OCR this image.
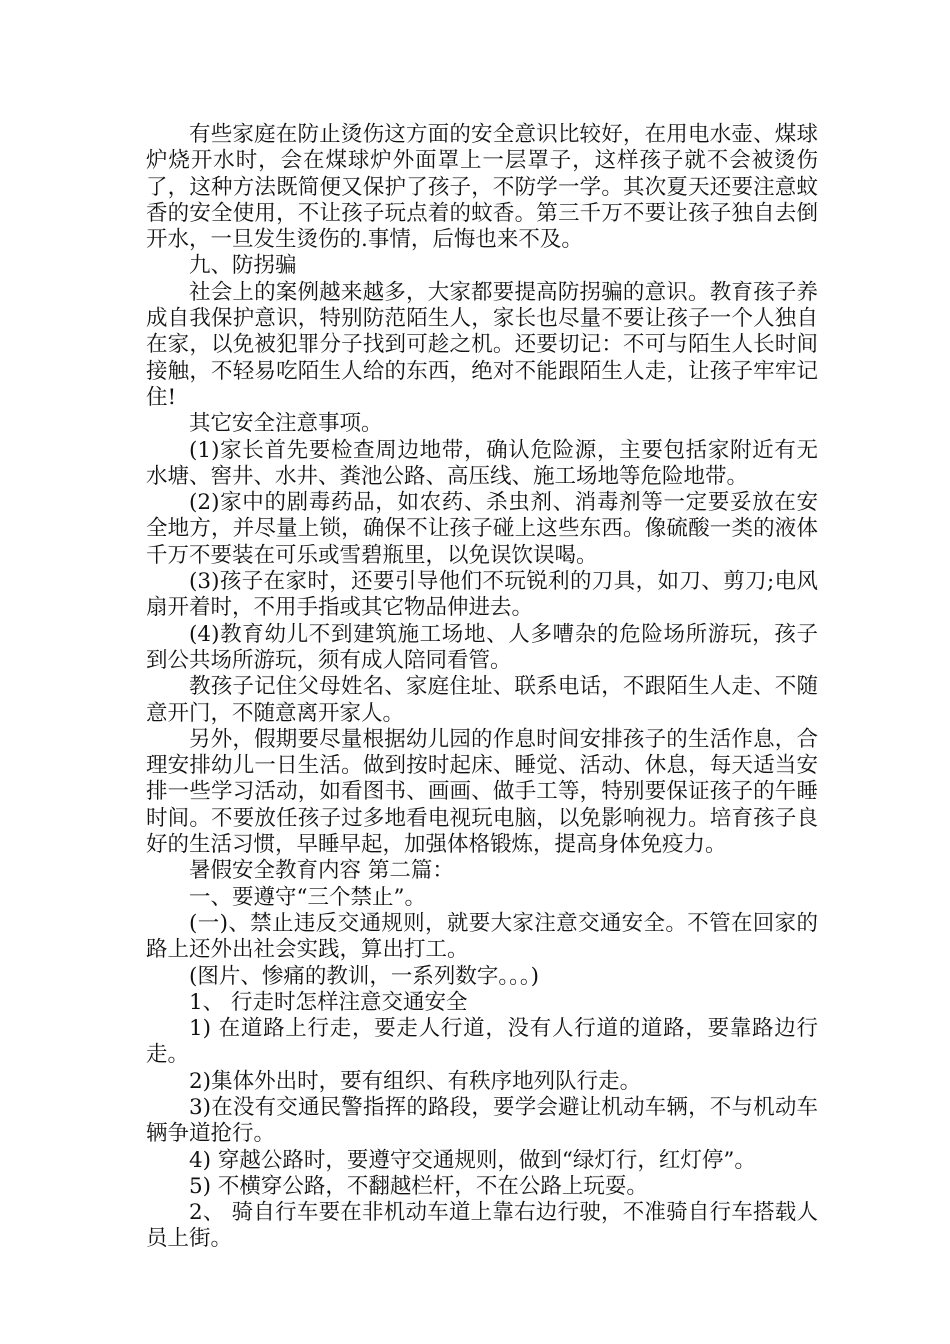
有些家庭在防止烫伤这方面的安全意识比较好，在用电水壶、煤球炉烧开水时，会在煤球炉外面罩上一层罩子，这样孩子就不会被烫伤了，这种方法既简便又保护了孩子，不防学一学。其次夏天还要注意蚊香的安全使用，不让孩子玩点着的蚊香。第三千万不要让孩子独自去倒开水，一旦发生烫伤的.事情，后悔也来不及。

九、防拐骗

社会上的案例越来越多，大家都要提高防拐骗的意识。教育孩子养成自我保护意识，特别防范陌生人，家长也尽量不要让孩子一个人独自在家，以免被犯罪分子找到可趁之机。还要切记：不可与陌生人长时间接触，不轻易吃陌生人给的东西，绝对不能跟陌生人走，让孩子牢牢记住!

其它安全注意事项。

(1)家长首先要检查周边地带，确认危险源，主要包括家附近有无水塘、窖井、水井、粪池公路、高压线、施工场地等危险地带。

(2)家中的剧毒药品，如农药、杀虫剂、消毒剂等一定要妥放在安全地方，并尽量上锁，确保不让孩子碰上这些东西。像硫酸一类的液体千万不要装在可乐或雪碧瓶里，以免误饮误喝。

(3)孩子在家时，还要引导他们不玩锐利的刀具，如刀、剪刀;电风扇开着时，不用手指或其它物品伸进去。

(4)教育幼儿不到建筑施工场地、人多嘈杂的危险场所游玩，孩子到公共场所游玩，须有成人陪同看管。

教孩子记住父母姓名、家庭住址、联系电话，不跟陌生人走、不随意开门，不随意离开家人。

另外，假期要尽量根据幼儿园的作息时间安排孩子的生活作息，合理安排幼儿一日生活。做到按时起床、睡觉、活动、休息，每天适当安排一些学习活动，如看图书、画画、做手工等，特别要保证孩子的午睡时间。不要放任孩子过多地看电视玩电脑，以免影响视力。培育孩子良好的生活习惯，早睡早起，加强体格锻炼，提高身体免疫力。

暑假安全教育内容 第二篇：

一、要遵守“三个禁止”。

(一)、禁止违反交通规则，就要大家注意交通安全。不管在回家的路上还外出社会实践，算出打工。

(图片、惨痛的教训，一系列数字。。。)

1、 行走时怎样注意交通安全

1) 在道路上行走，要走人行道，没有人行道的道路，要靠路边行走。

2)集体外出时，要有组织、有秩序地列队行走。

3)在没有交通民警指挥的路段，要学会避让机动车辆，不与机动车辆争道抢行。

4) 穿越公路时，要遵守交通规则，做到“绿灯行，红灯停”。

5) 不横穿公路，不翻越栏杆，不在公路上玩耍。

2、 骑自行车要在非机动车道上靠右边行驶，不准骑自行车搭载人员上街。
